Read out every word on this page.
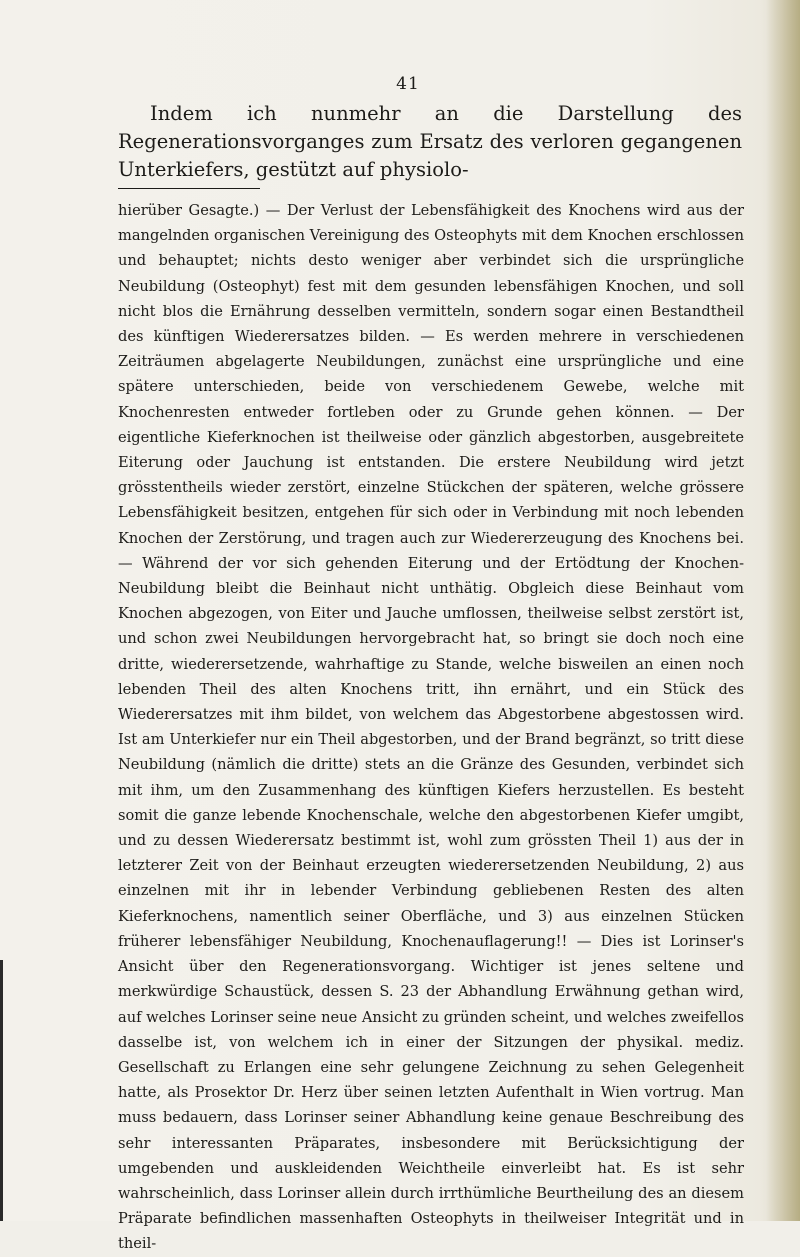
41

Indem ich nunmehr an die Darstellung des Regenerationsvorganges zum Ersatz des verloren gegangenen Unterkiefers, gestützt auf physiolo-

hierüber Gesagte.) — Der Verlust der Lebensfähigkeit des Knochens wird aus der mangelnden organischen Vereinigung des Osteophyts mit dem Knochen erschlossen und behauptet; nichts desto weniger aber verbindet sich die ursprüngliche Neubildung (Osteophyt) fest mit dem gesunden lebensfähigen Knochen, und soll nicht blos die Ernährung desselben vermitteln, sondern sogar einen Bestandtheil des künftigen Wiederersatzes bilden. — Es werden mehrere in verschiedenen Zeiträumen abgelagerte Neubildungen, zunächst eine ursprüngliche und eine spätere unterschieden, beide von verschiedenem Gewebe, welche mit Knochenresten entweder fortleben oder zu Grunde gehen können. — Der eigentliche Kieferknochen ist theilweise oder gänzlich abgestorben, ausgebreitete Eiterung oder Jauchung ist entstanden. Die erstere Neubildung wird jetzt grösstentheils wieder zerstört, einzelne Stückchen der späteren, welche grössere Lebensfähigkeit besitzen, entgehen für sich oder in Verbindung mit noch lebenden Knochen der Zerstörung, und tragen auch zur Wiedererzeugung des Knochens bei. — Während der vor sich gehenden Eiterung und der Ertödtung der Knochen-Neubildung bleibt die Beinhaut nicht unthätig. Obgleich diese Beinhaut vom Knochen abgezogen, von Eiter und Jauche umflossen, theilweise selbst zerstört ist, und schon zwei Neubildungen hervorgebracht hat, so bringt sie doch noch eine dritte, wiederersetzende, wahrhaftige zu Stande, welche bisweilen an einen noch lebenden Theil des alten Knochens tritt, ihn ernährt, und ein Stück des Wiederersatzes mit ihm bildet, von welchem das Abgestorbene abgestossen wird. Ist am Unterkiefer nur ein Theil abgestorben, und der Brand begränzt, so tritt diese Neubildung (nämlich die dritte) stets an die Gränze des Gesunden, verbindet sich mit ihm, um den Zusammenhang des künftigen Kiefers herzustellen. Es besteht somit die ganze lebende Knochenschale, welche den abgestorbenen Kiefer umgibt, und zu dessen Wiederersatz bestimmt ist, wohl zum grössten Theil 1) aus der in letzterer Zeit von der Beinhaut erzeugten wiederersetzenden Neubildung, 2) aus einzelnen mit ihr in lebender Verbindung gebliebenen Resten des alten Kieferknochens, namentlich seiner Oberfläche, und 3) aus einzelnen Stücken früherer lebensfähiger Neubildung, Knochenauflagerung!! — Dies ist Lorinser's Ansicht über den Regenerationsvorgang. Wichtiger ist jenes seltene und merkwürdige Schaustück, dessen S. 23 der Abhandlung Erwähnung gethan wird, auf welches Lorinser seine neue Ansicht zu gründen scheint, und welches zweifellos dasselbe ist, von welchem ich in einer der Sitzungen der physikal. mediz. Gesellschaft zu Erlangen eine sehr gelungene Zeichnung zu sehen Gelegenheit hatte, als Prosektor Dr. Herz über seinen letzten Aufenthalt in Wien vortrug. Man muss bedauern, dass Lorinser seiner Abhandlung keine genaue Beschreibung des sehr interessanten Präparates, insbesondere mit Berücksichtigung der umgebenden und auskleidenden Weichtheile einverleibt hat. Es ist sehr wahrscheinlich, dass Lorinser allein durch irrthümliche Beurtheilung des an diesem Präparate befindlichen massenhaften Osteophyts in theilweiser Integrität und in theil-
